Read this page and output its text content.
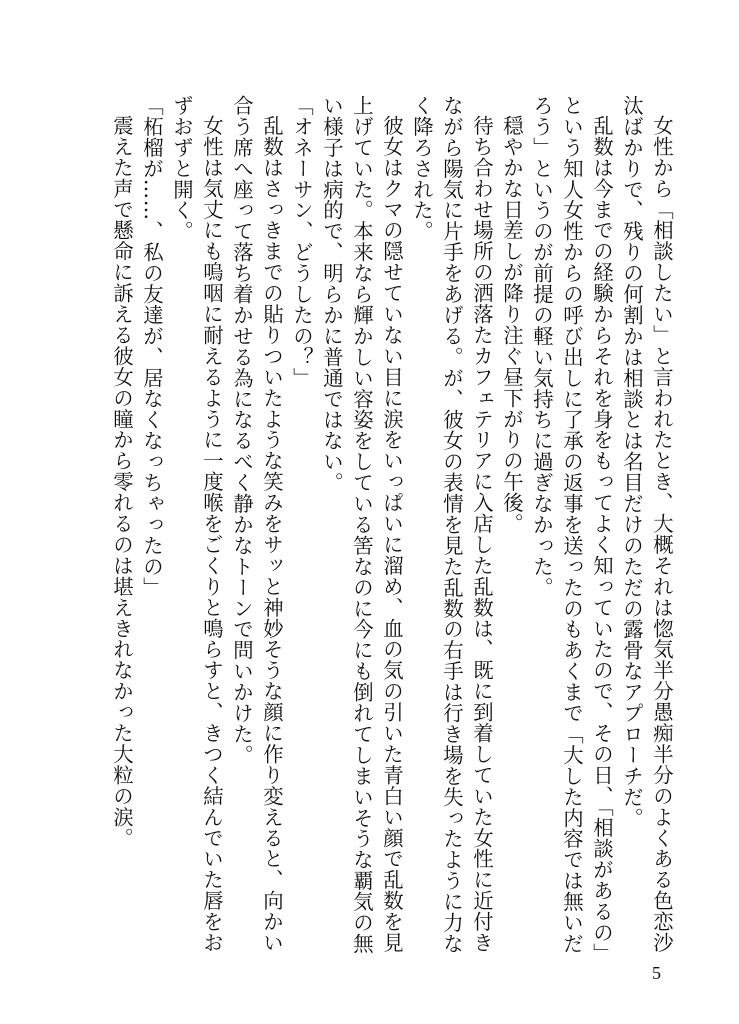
女性から「相談したい」と言われたとき、大概それは惚気半分愚痴半分のよくある色恋沙汰ばかりで、残りの何割かは相談とは名目だけのただの露骨なアプローチだ。

乱数は今までの経験からそれを身をもってよく知っていたので、その日、「相談があるの」という知人女性からの呼び出しに了承の返事を送ったのもあくまで「大した内容では無いだろう」というのが前提の軽い気持ちに過ぎなかった。

穏やかな日差しが降り注ぐ昼下がりの午後。

待ち合わせ場所の洒落たカフェテリアに入店した乱数は、既に到着していた女性に近付きながら陽気に片手をあげる。が、彼女の表情を見た乱数の右手は行き場を失ったように力なく降ろされた。

彼女はクマの隠せていない目に涙をいっぱいに溜め、血の気の引いた青白い顔で乱数を見上げていた。本来なら輝かしい容姿をしている筈なのに今にも倒れてしまいそうな覇気の無い様子は病的で、明らかに普通ではない。

「オネーサン、どうしたの？」

乱数はさっきまでの貼りついたような笑みをサッと神妙そうな顔に作り変えると、向かい合う席へ座って落ち着かせる為になるべく静かなトーンで問いかけた。

女性は気丈にも嗚咽に耐えるように一度喉をごくりと鳴らすと、きつく結んでいた唇をおずおずと開く。

「柘榴が……、私の友達が、居なくなっちゃったの」

震えた声で懸命に訴える彼女の瞳から零れるのは堪えきれなかった大粒の涙。

5
